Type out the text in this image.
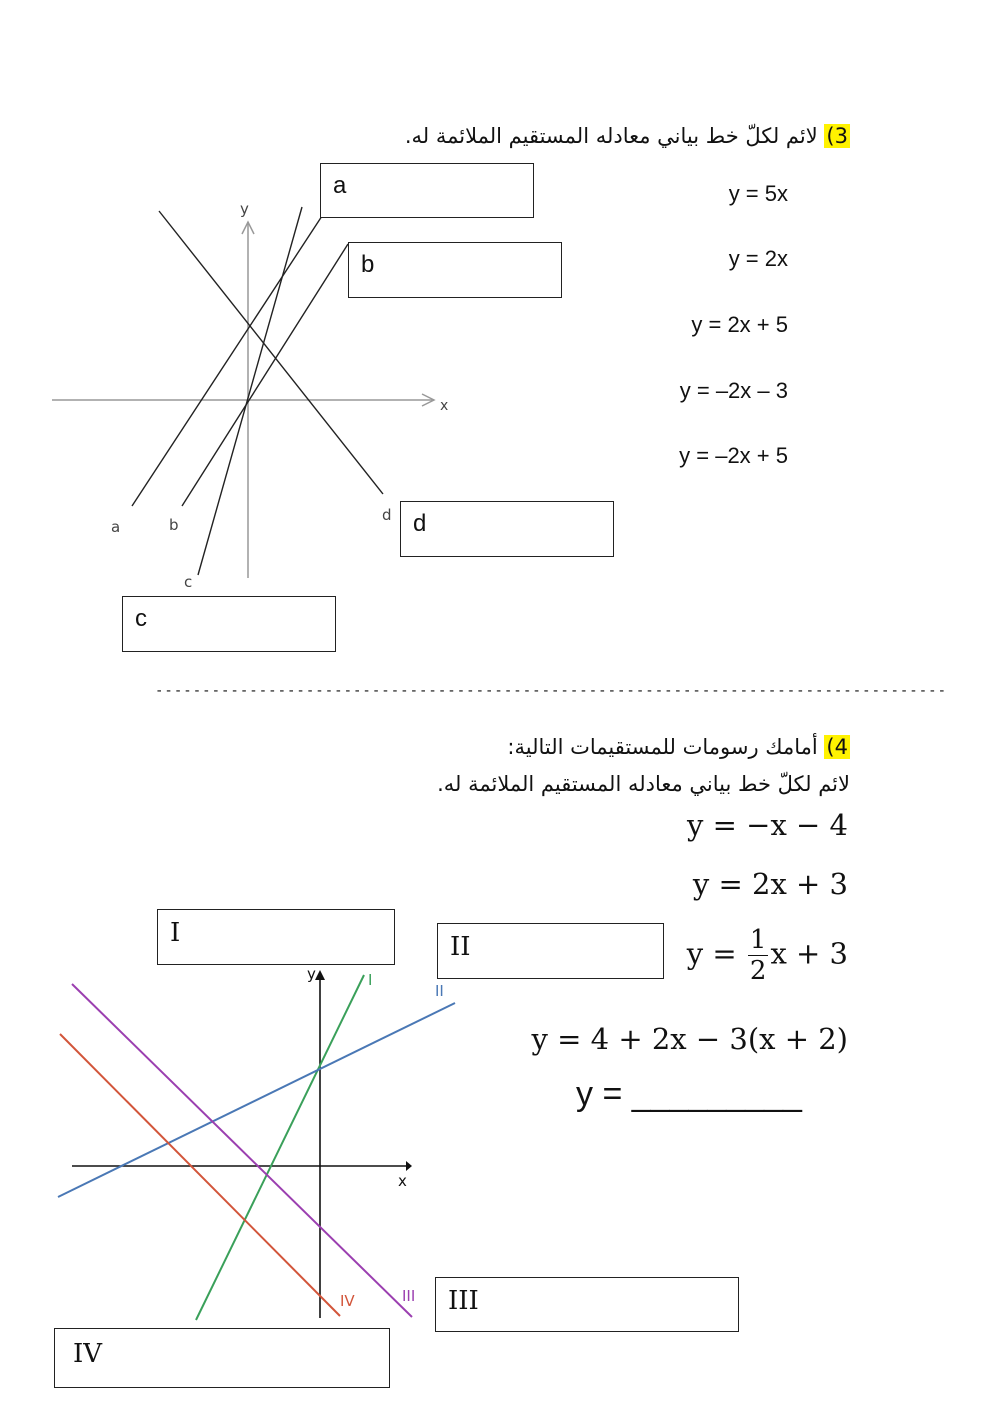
3) لائم لكلّ خط بياني معادله المستقيم الملائمة له.
x
y
a	b
c
d
a
b
d
c
y = 5x
y = 2x
y = 2x + 5
y = –2x – 3
y = –2x + 5
------------------------------------------------------------------------------------
4) أمامك رسومات للمستقيمات التالية:
لائم لكلّ خط بياني معادله المستقيم الملائمة له.
y = −x − 4
y = 2x + 3
$y = \frac{1}{2}$ x + 3
y = 4 + 2x − 3(x + 2)
y = _________
x
y	I
II
III
IV
I	II
III
IV
